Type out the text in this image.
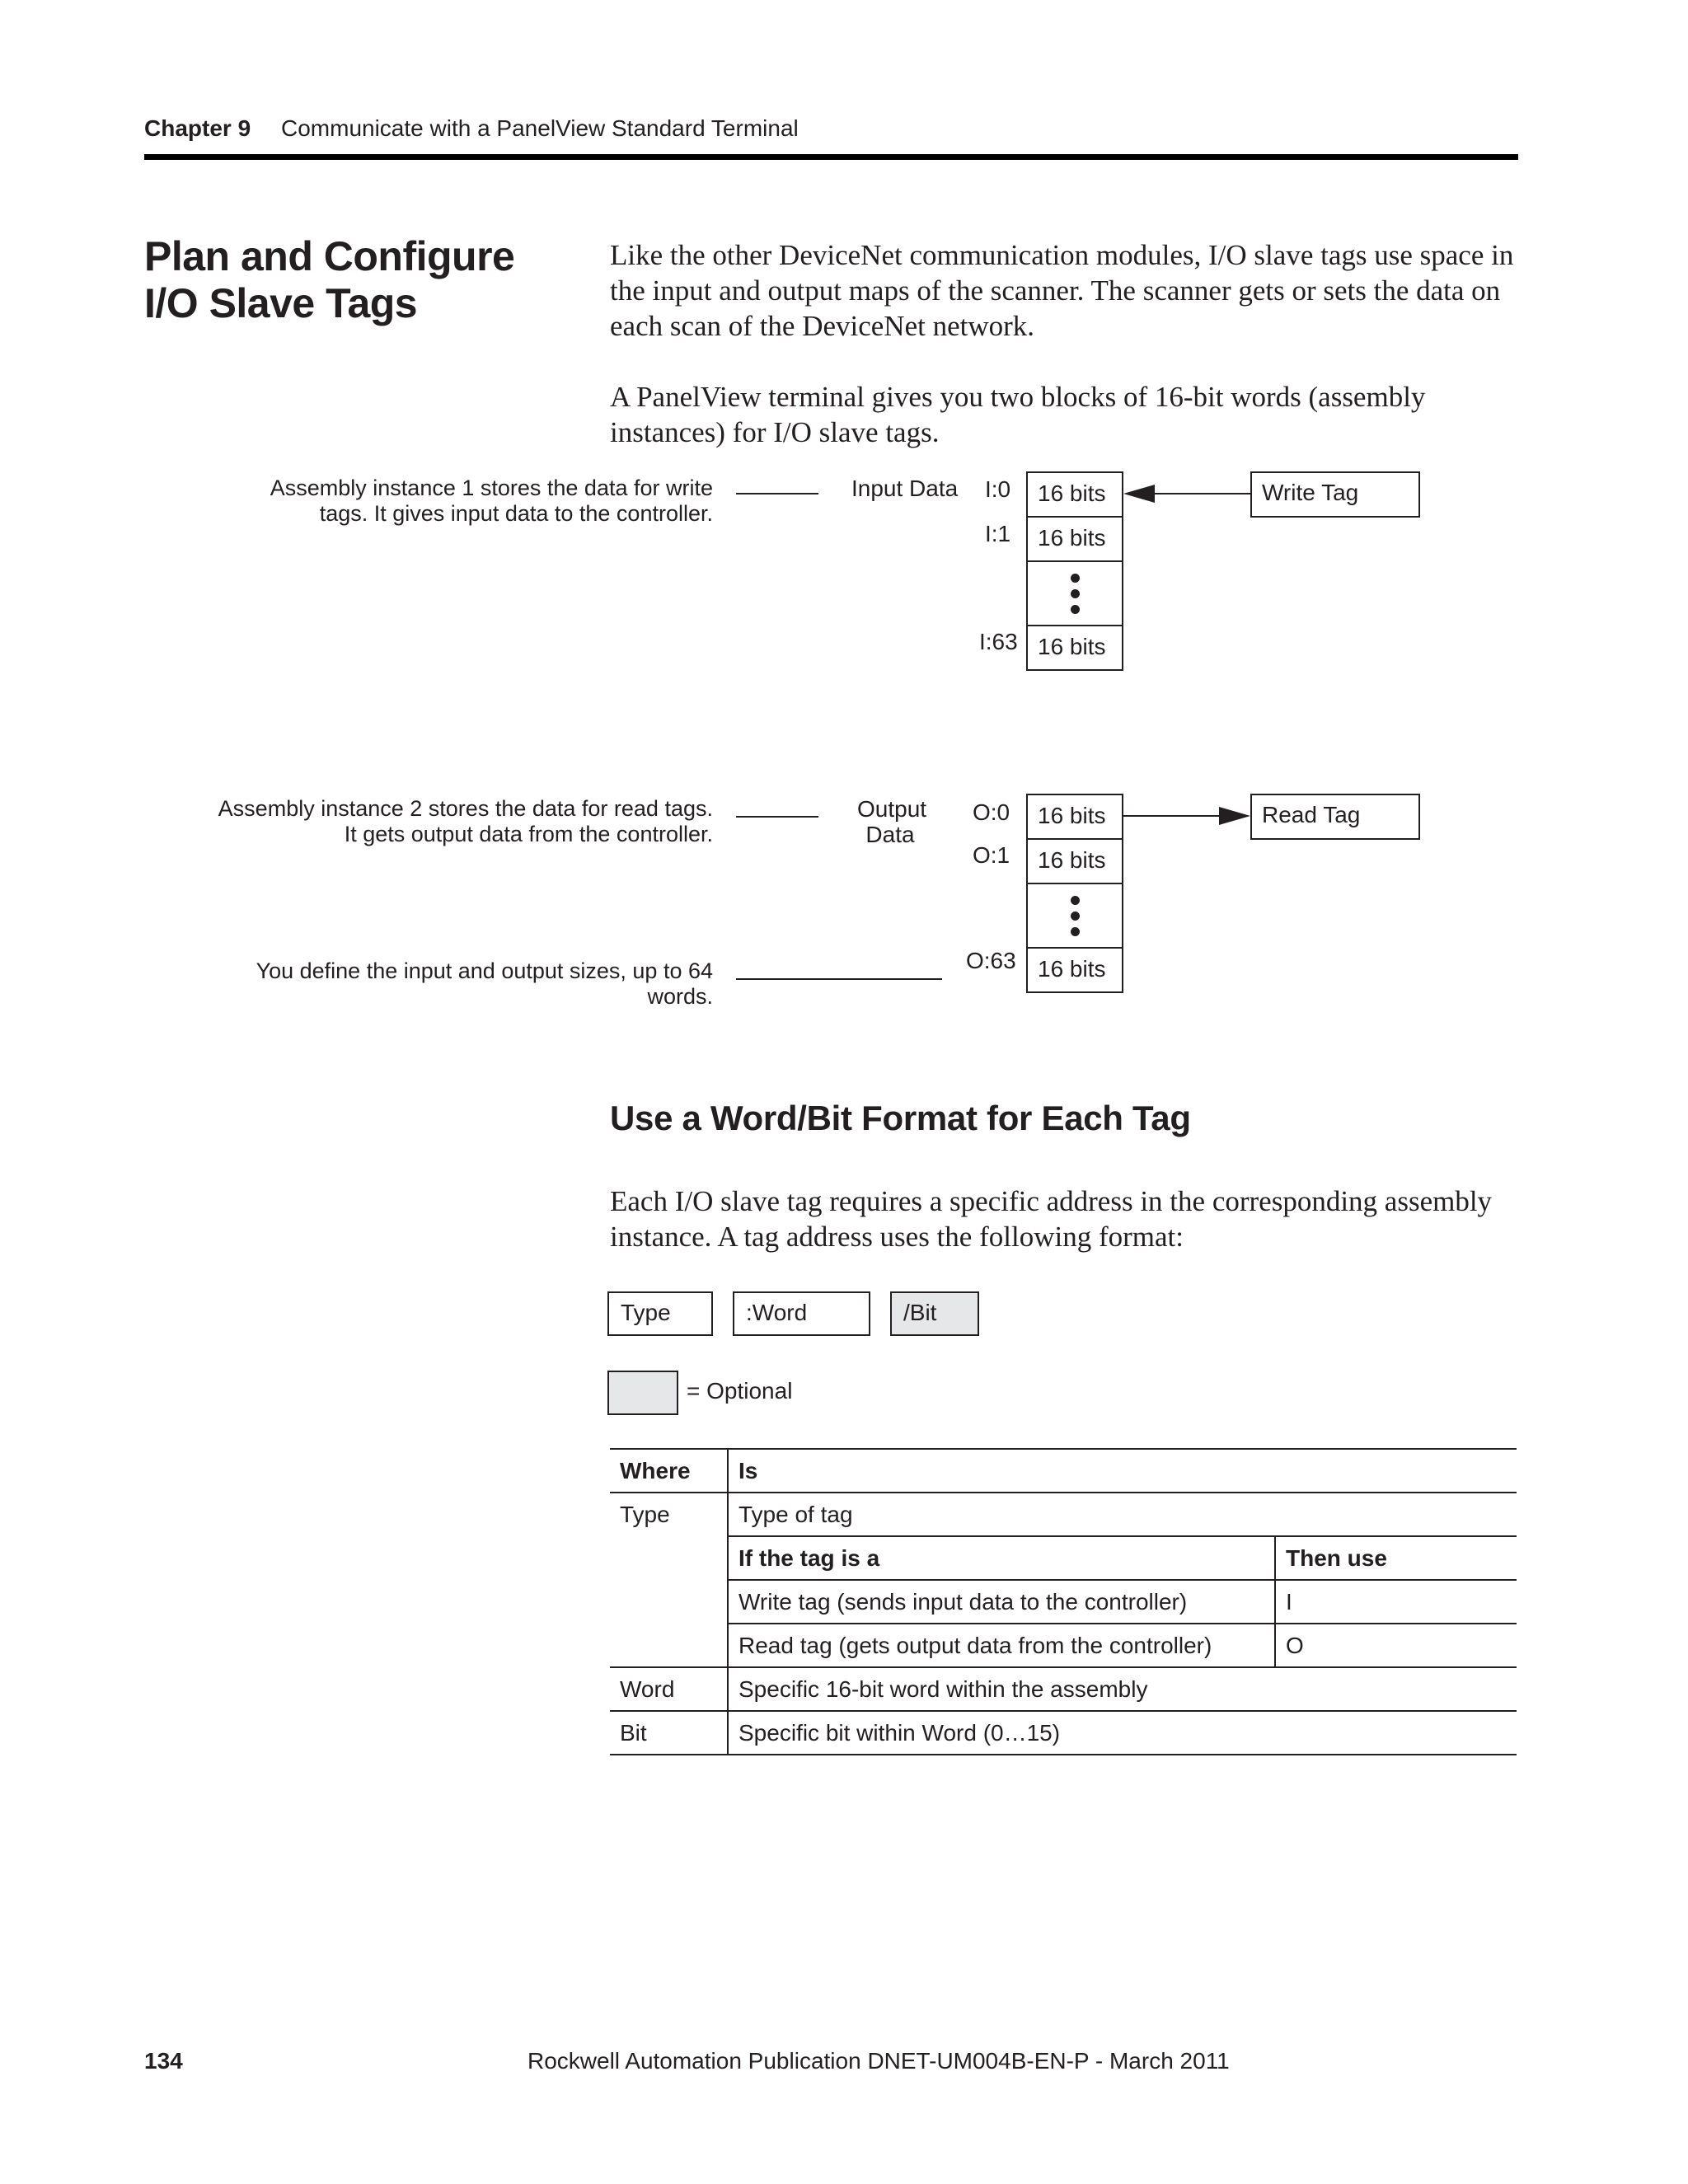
Chapter 9 Communicate with a PanelView Standard Terminal
Plan and Configure I/O Slave Tags
Like the other DeviceNet communication modules, I/O slave tags use space in the input and output maps of the scanner. The scanner gets or sets the data on each scan of the DeviceNet network.
A PanelView terminal gives you two blocks of 16-bit words (assembly instances) for I/O slave tags.
Assembly instance 1 stores the data for write tags. It gives input data to the controller.
Assembly instance 2 stores the data for read tags. It gets output data from the controller.
You define the input and output sizes, up to 64 words.
Input Data I:0
I:1
I:63
16 bits
16 bits
16 bits
Write Tag
Output Data
O:0
O:1
O:63
16 bits
16 bits
16 bits
Read Tag
Use a Word/Bit Format for Each Tag
Each I/O slave tag requires a specific address in the corresponding assembly instance. A tag address uses the following format:
Type	:Word	/Bit
= Optional
Where	Is	
Type	Type of tag	
	If the tag is a	Then use
	Write tag (sends input data to the controller)	I
	Read tag (gets output data from the controller)	O
Word	Specific 16-bit word within the assembly	
Bit	Specific bit within Word (0…15)	
134	Rockwell Automation Publication DNET-UM004B-EN-P - March 2011
